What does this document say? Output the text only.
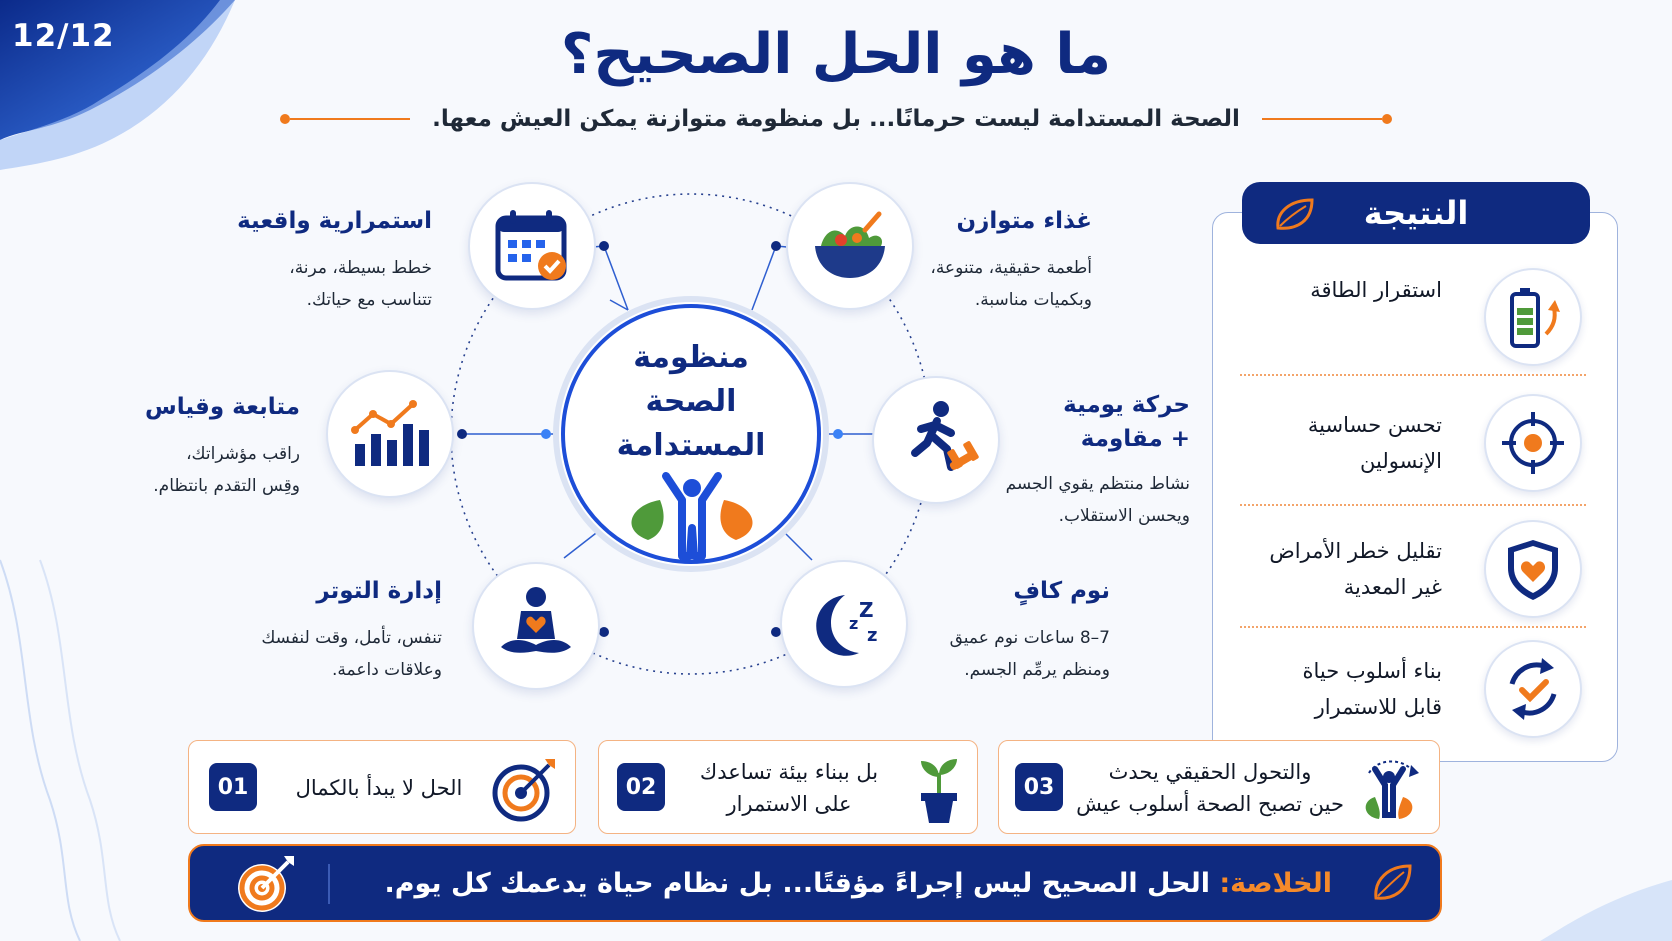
12/12	ما هو الحل الصحيح؟
الصحة المستدامة ليست حرمانًا... بل منظومة متوازنة يمكن العيش معها.
منظومة
الصحة
المستدامة
z
Z
z
غذاء متوازن

أطعمة حقيقية، متنوعة،

وبكميات مناسبة.

حركة يومية
+ مقاومة

نشاط منتظم يقوي الجسم

ويحسن الاستقلاب.

نوم كافٍ

7–8 ساعات نوم عميق

ومنظم يرمِّم الجسم.

إدارة التوتر

تنفس، تأمل، وقت لنفسك

وعلاقات داعمة.

متابعة وقياس

راقب مؤشراتك،

وقِس التقدم بانتظام.

استمرارية واقعية

خطط بسيطة، مرنة،

تتناسب مع حياتك.

النتيجة
استقرار الطاقة
تحسن حساسية
الإنسولين
تقليل خطر الأمراض
غير المعدية
بناء أسلوب حياة
قابل للاستمرار
01	الحل لا يبدأ بالكمال	02
بل ببناء بيئة تساعدك
على الاستمرار
03
والتحول الحقيقي يحدث
حين تصبح الصحة أسلوب عيش
الخلاصة:
الحل الصحيح ليس إجراءً مؤقتًا... بل نظام حياة يدعمك كل يوم.
